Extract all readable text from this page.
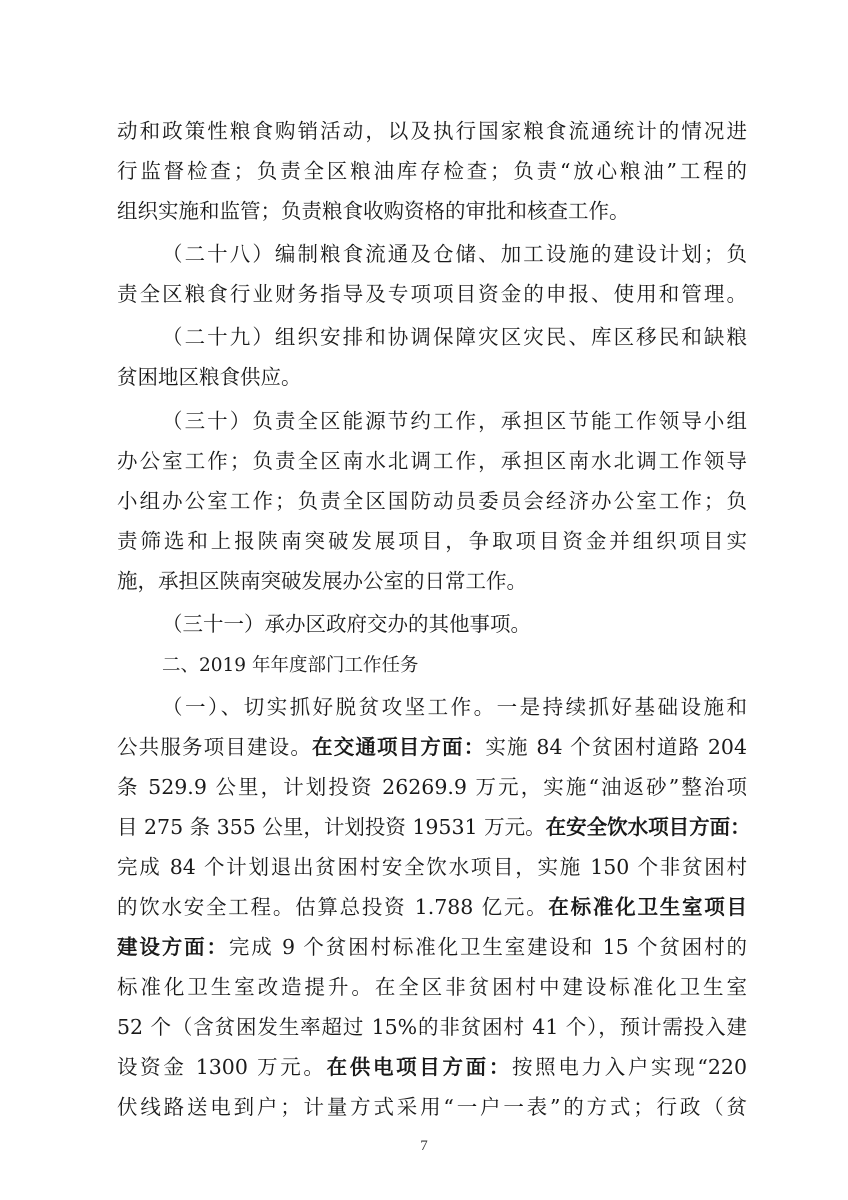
动和政策性粮食购销活动，以及执行国家粮食流通统计的情况进
行监督检查；负责全区粮油库存检查；负责“放心粮油”工程的
组织实施和监管；负责粮食收购资格的审批和核查工作。
（二十八）编制粮食流通及仓储、加工设施的建设计划；负
责全区粮食行业财务指导及专项项目资金的申报、使用和管理。
（二十九）组织安排和协调保障灾区灾民、库区移民和缺粮
贫困地区粮食供应。
（三十）负责全区能源节约工作，承担区节能工作领导小组
办公室工作；负责全区南水北调工作，承担区南水北调工作领导
小组办公室工作；负责全区国防动员委员会经济办公室工作；负
责筛选和上报陕南突破发展项目，争取项目资金并组织项目实
施，承担区陕南突破发展办公室的日常工作。
（三十一）承办区政府交办的其他事项。
二、2019 年年度部门工作任务
（一）、切实抓好脱贫攻坚工作。一是持续抓好基础设施和
公共服务项目建设。在交通项目方面：实施 84 个贫困村道路 204
条 529.9 公里，计划投资 26269.9 万元，实施“油返砂”整治项
目 275 条 355 公里，计划投资 19531 万元。在安全饮水项目方面：
完成 84 个计划退出贫困村安全饮水项目，实施 150 个非贫困村
的饮水安全工程。估算总投资 1.788 亿元。在标准化卫生室项目
建设方面：完成 9 个贫困村标准化卫生室建设和 15 个贫困村的
标准化卫生室改造提升。在全区非贫困村中建设标准化卫生室
52 个（含贫困发生率超过 15%的非贫困村 41 个），预计需投入建
设资金 1300 万元。在供电项目方面：按照电力入户实现“220
伏线路送电到户；计量方式采用“一户一表”的方式；行政（贫
7
